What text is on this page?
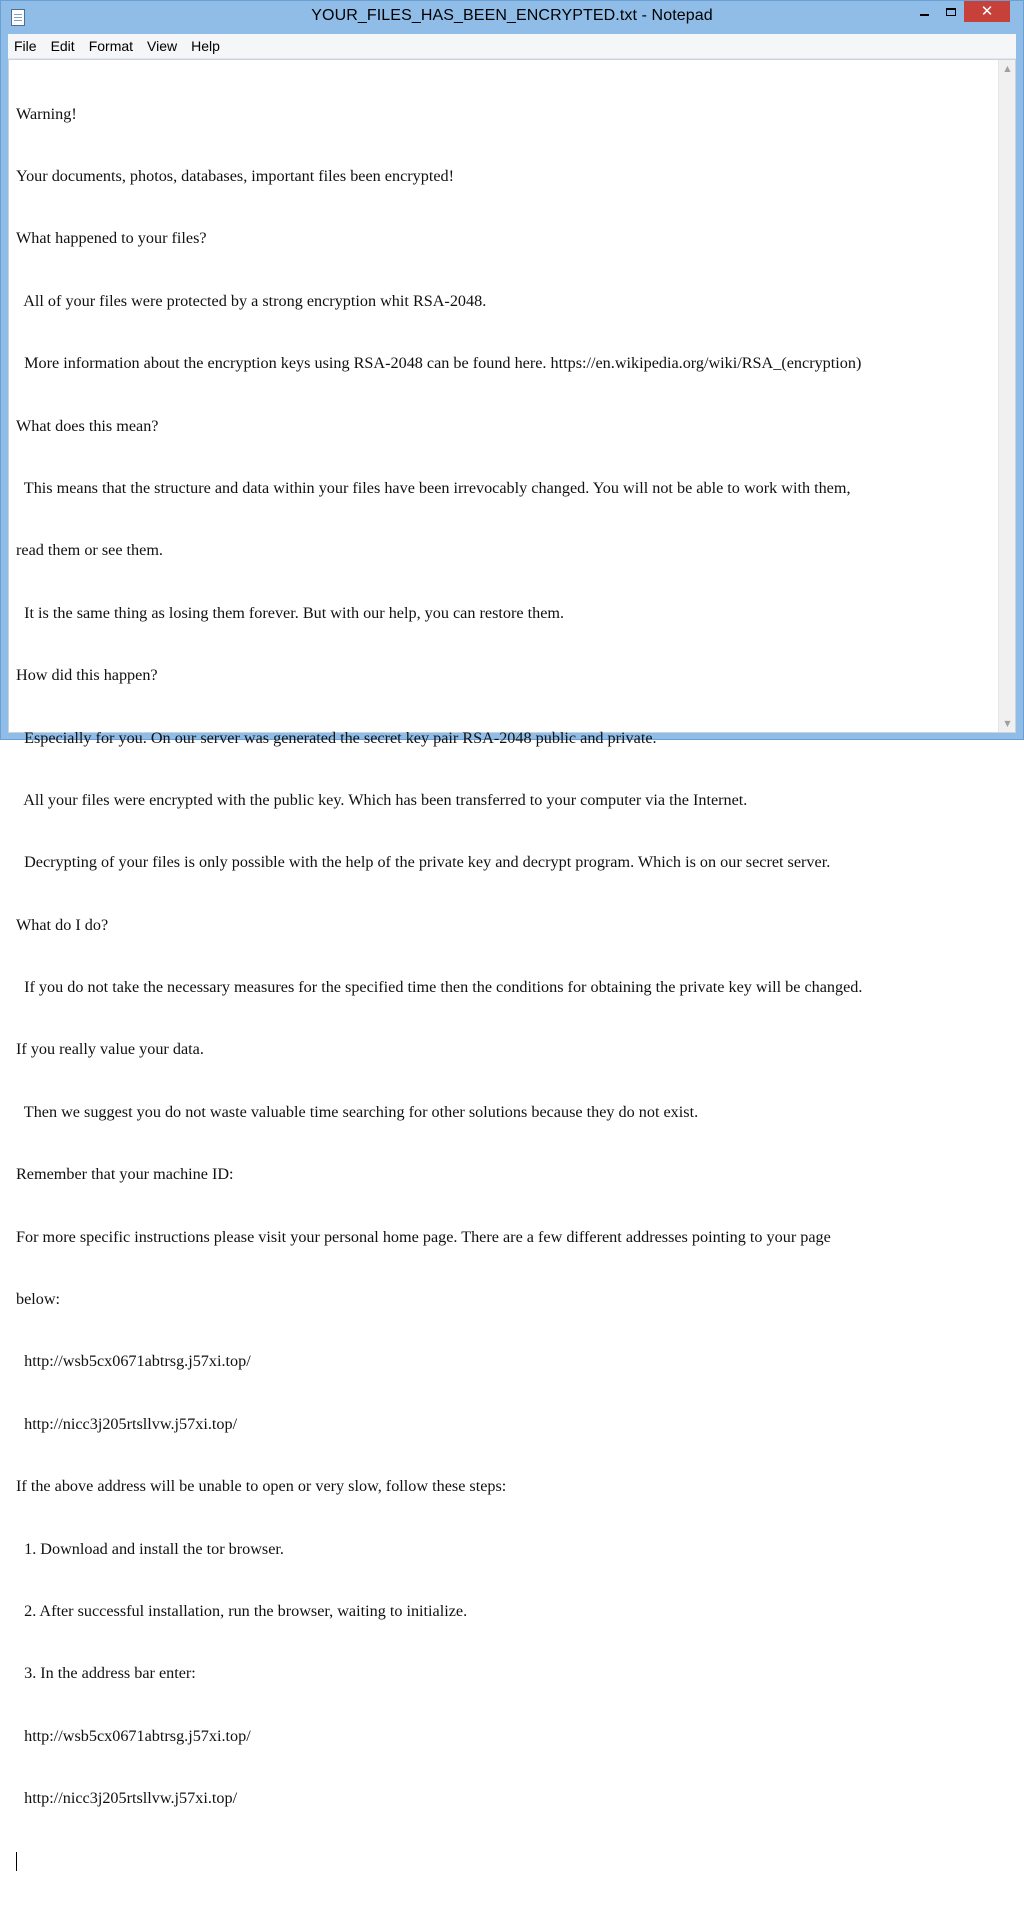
YOUR_FILES_HAS_BEEN_ENCRYPTED.txt - Notepad	✕
File	Edit	Format	View	Help

Warning!

Your documents, photos, databases, important files been encrypted!

What happened to your files?

All of your files were protected by a strong encryption whit RSA-2048.

More information about the encryption keys using RSA-2048 can be found here. https://en.wikipedia.org/wiki/RSA_(encryption)

What does this mean?

This means that the structure and data within your files have been irrevocably changed. You will not be able to work with them,

read them or see them.

It is the same thing as losing them forever. But with our help, you can restore them.

How did this happen?

Especially for you. On our server was generated the secret key pair RSA-2048 public and private.

All your files were encrypted with the public key. Which has been transferred to your computer via the Internet.

Decrypting of your files is only possible with the help of the private key and decrypt program. Which is on our secret server.

What do I do?

If you do not take the necessary measures for the specified time then the conditions for obtaining the private key will be changed.

If you really value your data.

Then we suggest you do not waste valuable time searching for other solutions because they do not exist.

Remember that your machine ID:

For more specific instructions please visit your personal home page. There are a few different addresses pointing to your page

below:

http://wsb5cx0671abtrsg.j57xi.top/

http://nicc3j205rtsllvw.j57xi.top/

If the above address will be unable to open or very slow, follow these steps:

1. Download and install the tor browser.

2. After successful installation, run the browser, waiting to initialize.

3. In the address bar enter:

http://wsb5cx0671abtrsg.j57xi.top/

http://nicc3j205rtsllvw.j57xi.top/

▲
▼
